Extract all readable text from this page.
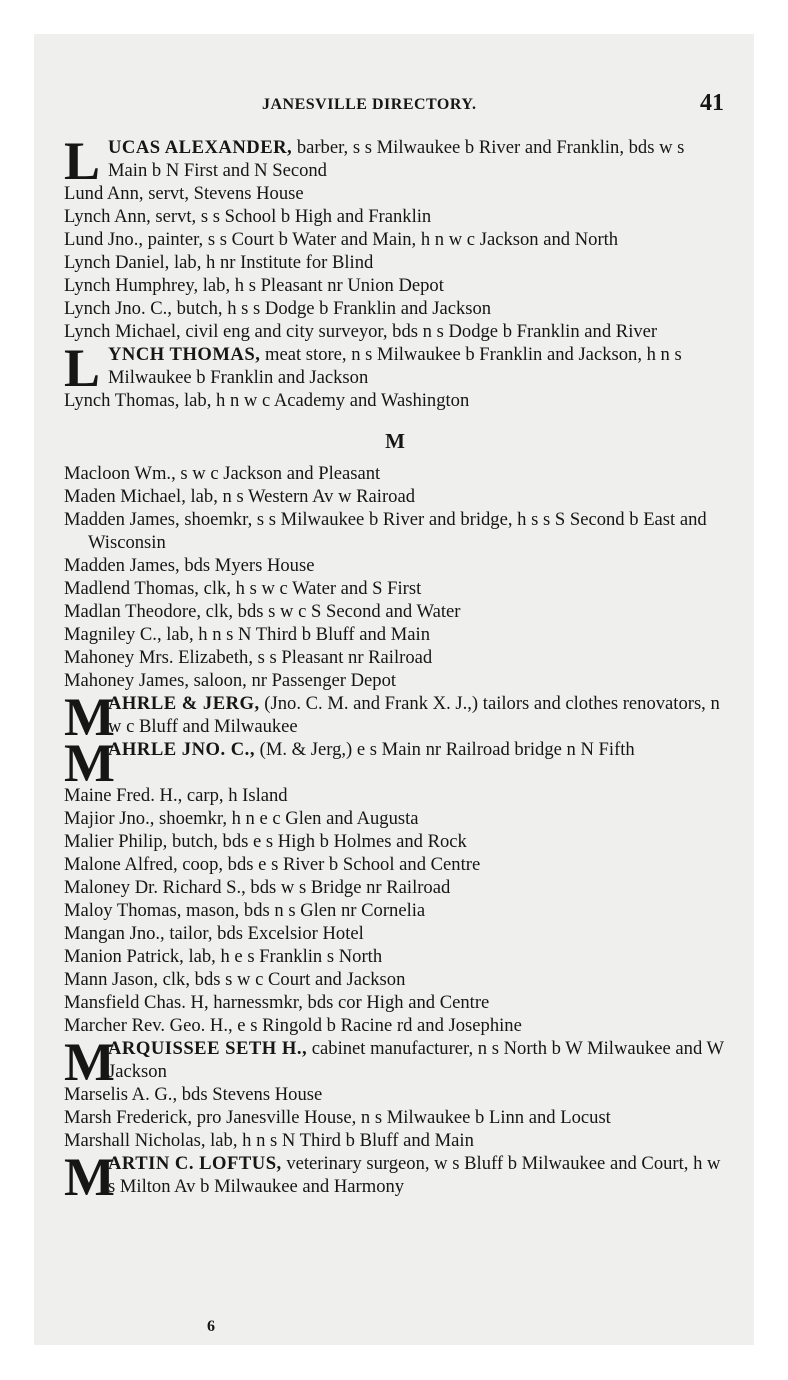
JANESVILLE DIRECTORY.	41

L UCAS ALEXANDER, barber, s s Milwaukee b River and Franklin, bds w s Main b N First and N Second

Lund Ann, servt, Stevens House

Lynch Ann, servt, s s School b High and Franklin

Lund Jno., painter, s s Court b Water and Main, h n w c Jackson and North

Lynch Daniel, lab, h nr Institute for Blind

Lynch Humphrey, lab, h s Pleasant nr Union Depot

Lynch Jno. C., butch, h s s Dodge b Franklin and Jackson

Lynch Michael, civil eng and city surveyor, bds n s Dodge b Franklin and River

L YNCH THOMAS, meat store, n s Milwaukee b Franklin and Jackson, h n s Milwaukee b Franklin and Jackson

Lynch Thomas, lab, h n w c Academy and Washington

M

Macloon Wm., s w c Jackson and Pleasant

Maden Michael, lab, n s Western Av w Rairoad

Madden James, shoemkr, s s Milwaukee b River and bridge, h s s S Second b East and Wisconsin

Madden James, bds Myers House

Madlend Thomas, clk, h s w c Water and S First

Madlan Theodore, clk, bds s w c S Second and Water

Magniley C., lab, h n s N Third b Bluff and Main

Mahoney Mrs. Elizabeth, s s Pleasant nr Railroad

Mahoney James, saloon, nr Passenger Depot

M
AHRLE & JERG, (Jno. C. M. and Frank X. J.,) tailors and clothes renovators, n w c Bluff and Milwaukee

M
AHRLE JNO. C., (M. & Jerg,) e s Main nr Railroad bridge n N Fifth

Maine Fred. H., carp, h Island

Majior Jno., shoemkr, h n e c Glen and Augusta

Malier Philip, butch, bds e s High b Holmes and Rock

Malone Alfred, coop, bds e s River b School and Centre

Maloney Dr. Richard S., bds w s Bridge nr Railroad

Maloy Thomas, mason, bds n s Glen nr Cornelia

Mangan Jno., tailor, bds Excelsior Hotel

Manion Patrick, lab, h e s Franklin s North

Mann Jason, clk, bds s w c Court and Jackson

Mansfield Chas. H, harnessmkr, bds cor High and Centre

Marcher Rev. Geo. H., e s Ringold b Racine rd and Josephine

M
ARQUISSEE SETH H., cabinet manufacturer, n s North b W Milwaukee and W Jackson

Marselis A. G., bds Stevens House

Marsh Frederick, pro Janesville House, n s Milwaukee b Linn and Locust

Marshall Nicholas, lab, h n s N Third b Bluff and Main

M
ARTIN C. LOFTUS, veterinary surgeon, w s Bluff b Milwaukee and Court, h w s Milton Av b Milwaukee and Harmony

6
